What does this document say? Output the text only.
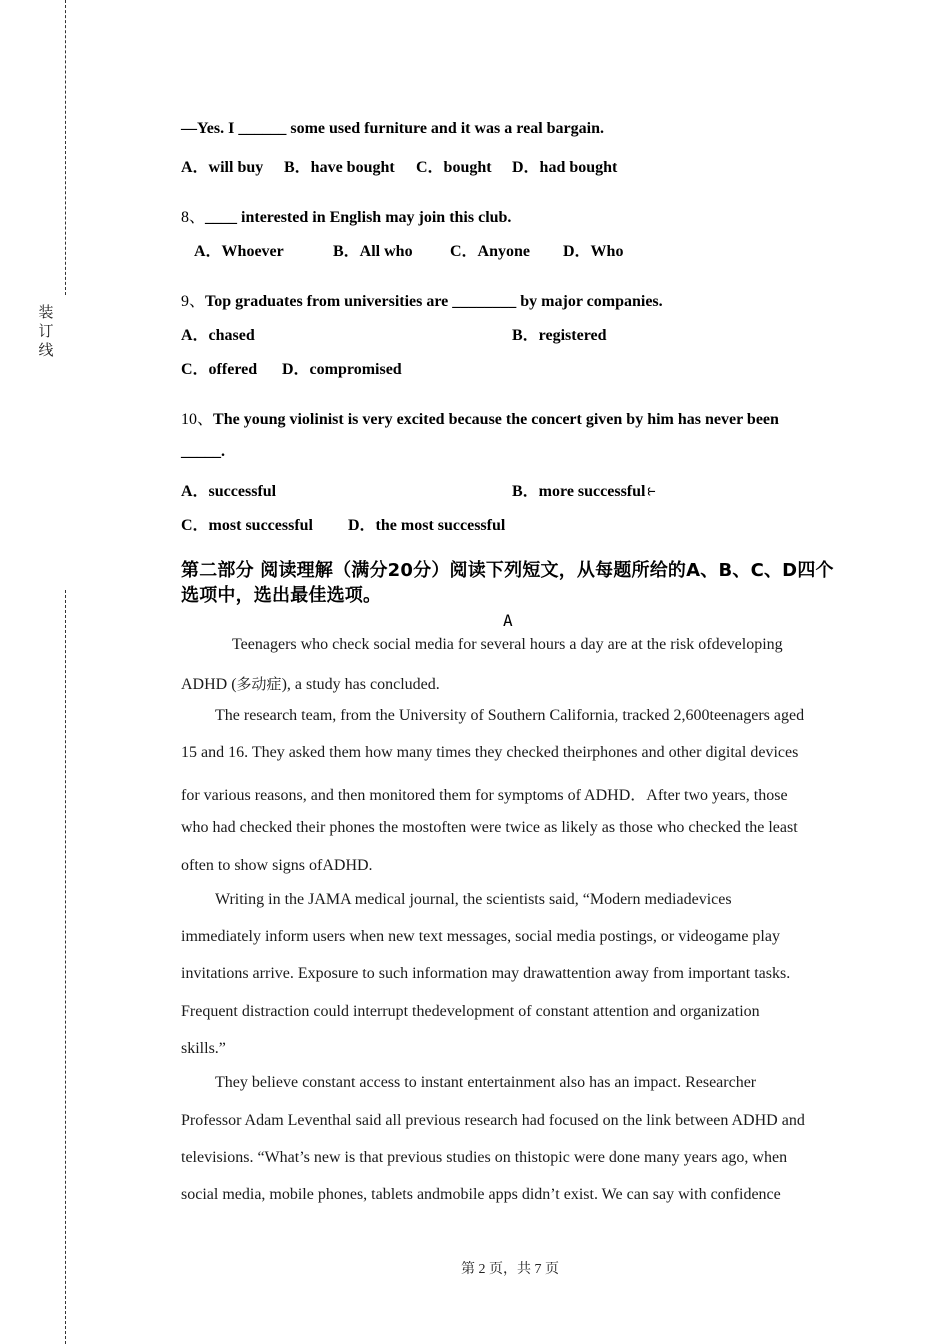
装订线
—Yes. I ______ some used furniture and it was a real bargain.
A．will buy B．have bought C．bought D．had bought
8、____ interested in English may join this club.
A．Whoever	B．All who C．Anyone D．Who
9、Top graduates from universities are ________ by major companies.
A．chased	B．registered
C．offered D．compromised
10、The young violinist is very excited because the concert given by him has never been
_____.
A．successful	B．more successful⥼
C．most successful D．the most successful
第二部分 阅读理解（满分20分）阅读下列短文，从每题所给的A、B、C、D四个选项中，选出最佳选项。
A
Teenagers who check social media for several hours a day are at the risk ofdeveloping
ADHD (多动症), a study has concluded.
The research team, from the University of Southern California, tracked 2,600teenagers aged
15 and 16. They asked them how many times they checked theirphones and other digital devices
for various reasons, and then monitored them for symptoms of ADHD．After two years, those
who had checked their phones the mostoften were twice as likely as those who checked the least
often to show signs ofADHD.
Writing in the JAMA medical journal, the scientists said, “Modern mediadevices
immediately inform users when new text messages, social media postings, or videogame play
invitations arrive. Exposure to such information may drawattention away from important tasks.
Frequent distraction could interrupt thedevelopment of constant attention and organization
skills.”
They believe constant access to instant entertainment also has an impact. Researcher
Professor Adam Leventhal said all previous research had focused on the link between ADHD and
televisions. “What’s new is that previous studies on thistopic were done many years ago, when
social media, mobile phones, tablets andmobile apps didn’t exist. We can say with confidence
第 2 页，共 7 页
